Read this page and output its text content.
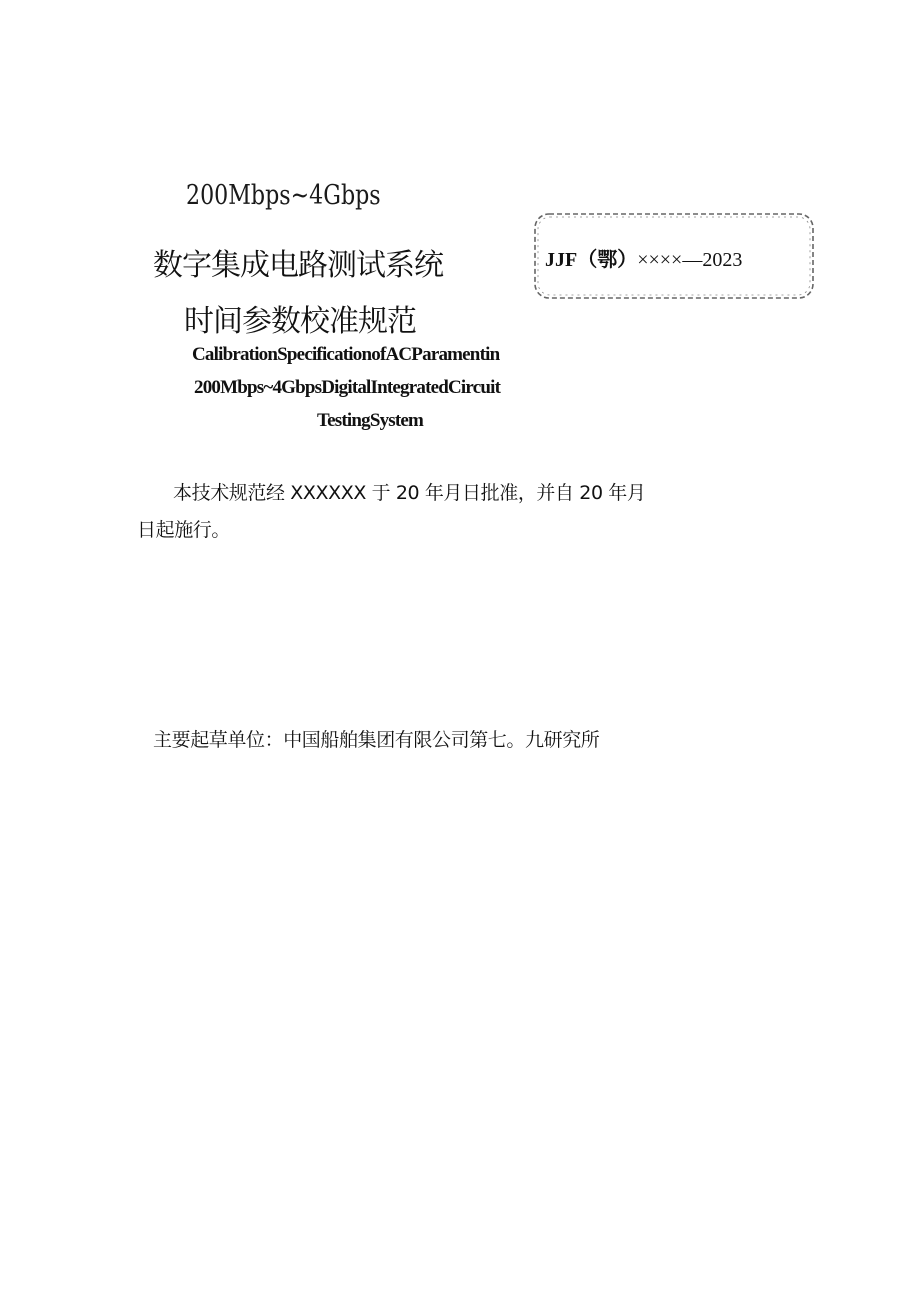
200Mbps~4Gbps
数字集成电路测试系统
时间参数校准规范
CalibrationSpecificationofACParamentin
200Mbps~4GbpsDigitalIntegratedCircuit
TestingSystem
JJF（鄂）××××—2023
本技术规范经 XXXXXX 于 20 年月日批准，并自 20 年月
日起施行。
主要起草单位：中国船舶集团有限公司第七。九研究所
